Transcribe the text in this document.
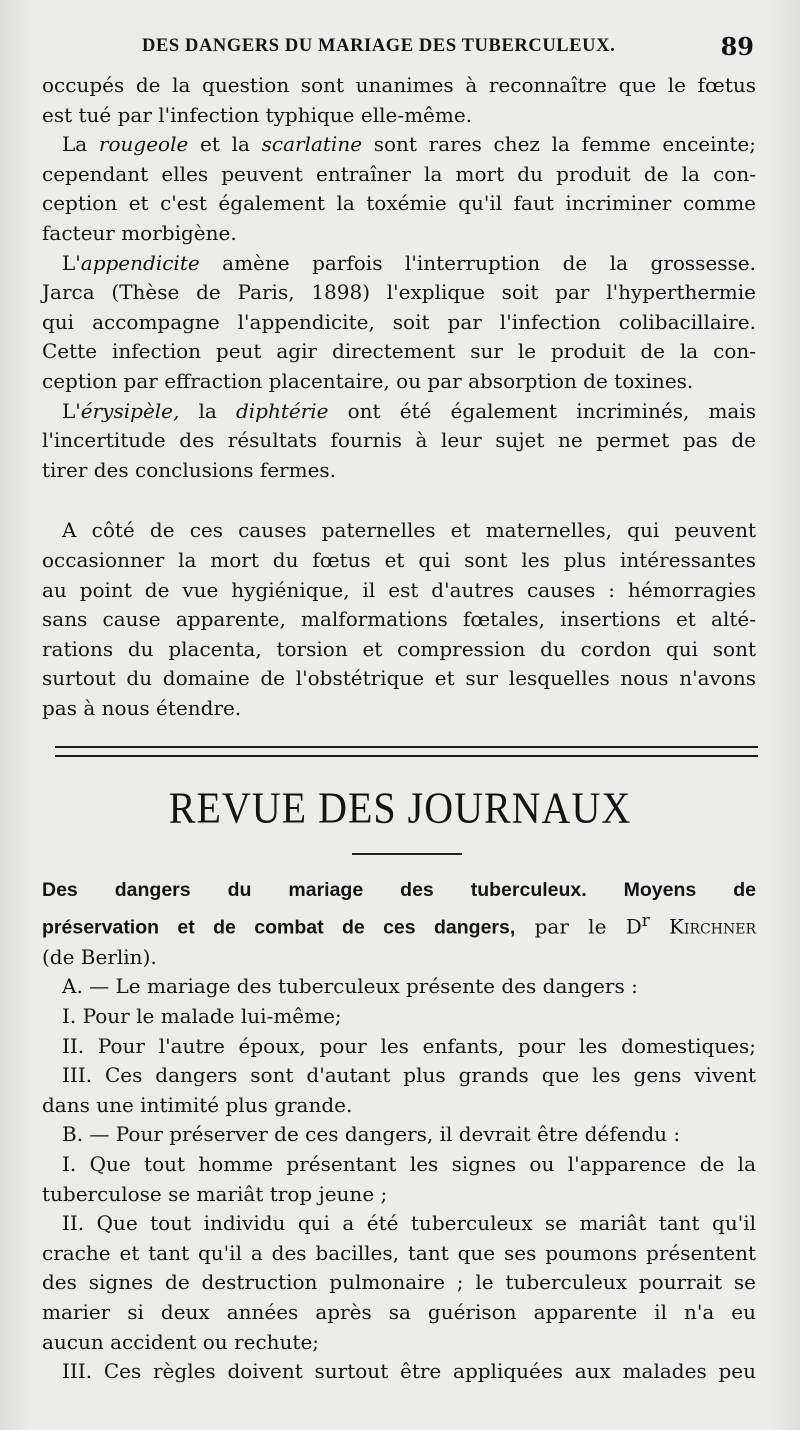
DES DANGERS DU MARIAGE DES TUBERCULEUX.	89

occupés de la question sont unanimes à reconnaître que le fœtus

est tué par l'infection typhique elle-même.

La rougeole et la scarlatine sont rares chez la femme enceinte;

cependant elles peuvent entraîner la mort du produit de la con-

ception et c'est également la toxémie qu'il faut incriminer comme

facteur morbigène.

L'appendicite amène parfois l'interruption de la grossesse.

Jarca (Thèse de Paris, 1898) l'explique soit par l'hyperthermie

qui accompagne l'appendicite, soit par l'infection colibacillaire.

Cette infection peut agir directement sur le produit de la con-

ception par effraction placentaire, ou par absorption de toxines.

L'érysipèle, la diphtérie ont été également incriminés, mais

l'incertitude des résultats fournis à leur sujet ne permet pas de

tirer des conclusions fermes.

A côté de ces causes paternelles et maternelles, qui peuvent

occasionner la mort du fœtus et qui sont les plus intéressantes

au point de vue hygiénique, il est d'autres causes : hémorragies

sans cause apparente, malformations fœtales, insertions et alté-

rations du placenta, torsion et compression du cordon qui sont

surtout du domaine de l'obstétrique et sur lesquelles nous n'avons

pas à nous étendre.

REVUE DES JOURNAUX

Des dangers du mariage des tuberculeux. Moyens de

préservation et de combat de ces dangers, par le $D^r$ Kirchner

(de Berlin).

A. — Le mariage des tuberculeux présente des dangers :

I. Pour le malade lui-même;

II. Pour l'autre époux, pour les enfants, pour les domestiques;

III. Ces dangers sont d'autant plus grands que les gens vivent

dans une intimité plus grande.

B. — Pour préserver de ces dangers, il devrait être défendu :

I. Que tout homme présentant les signes ou l'apparence de la

tuberculose se mariât trop jeune ;

II. Que tout individu qui a été tuberculeux se mariât tant qu'il

crache et tant qu'il a des bacilles, tant que ses poumons présentent

des signes de destruction pulmonaire ; le tuberculeux pourrait se

marier si deux années après sa guérison apparente il n'a eu

aucun accident ou rechute;

III. Ces règles doivent surtout être appliquées aux malades peu
